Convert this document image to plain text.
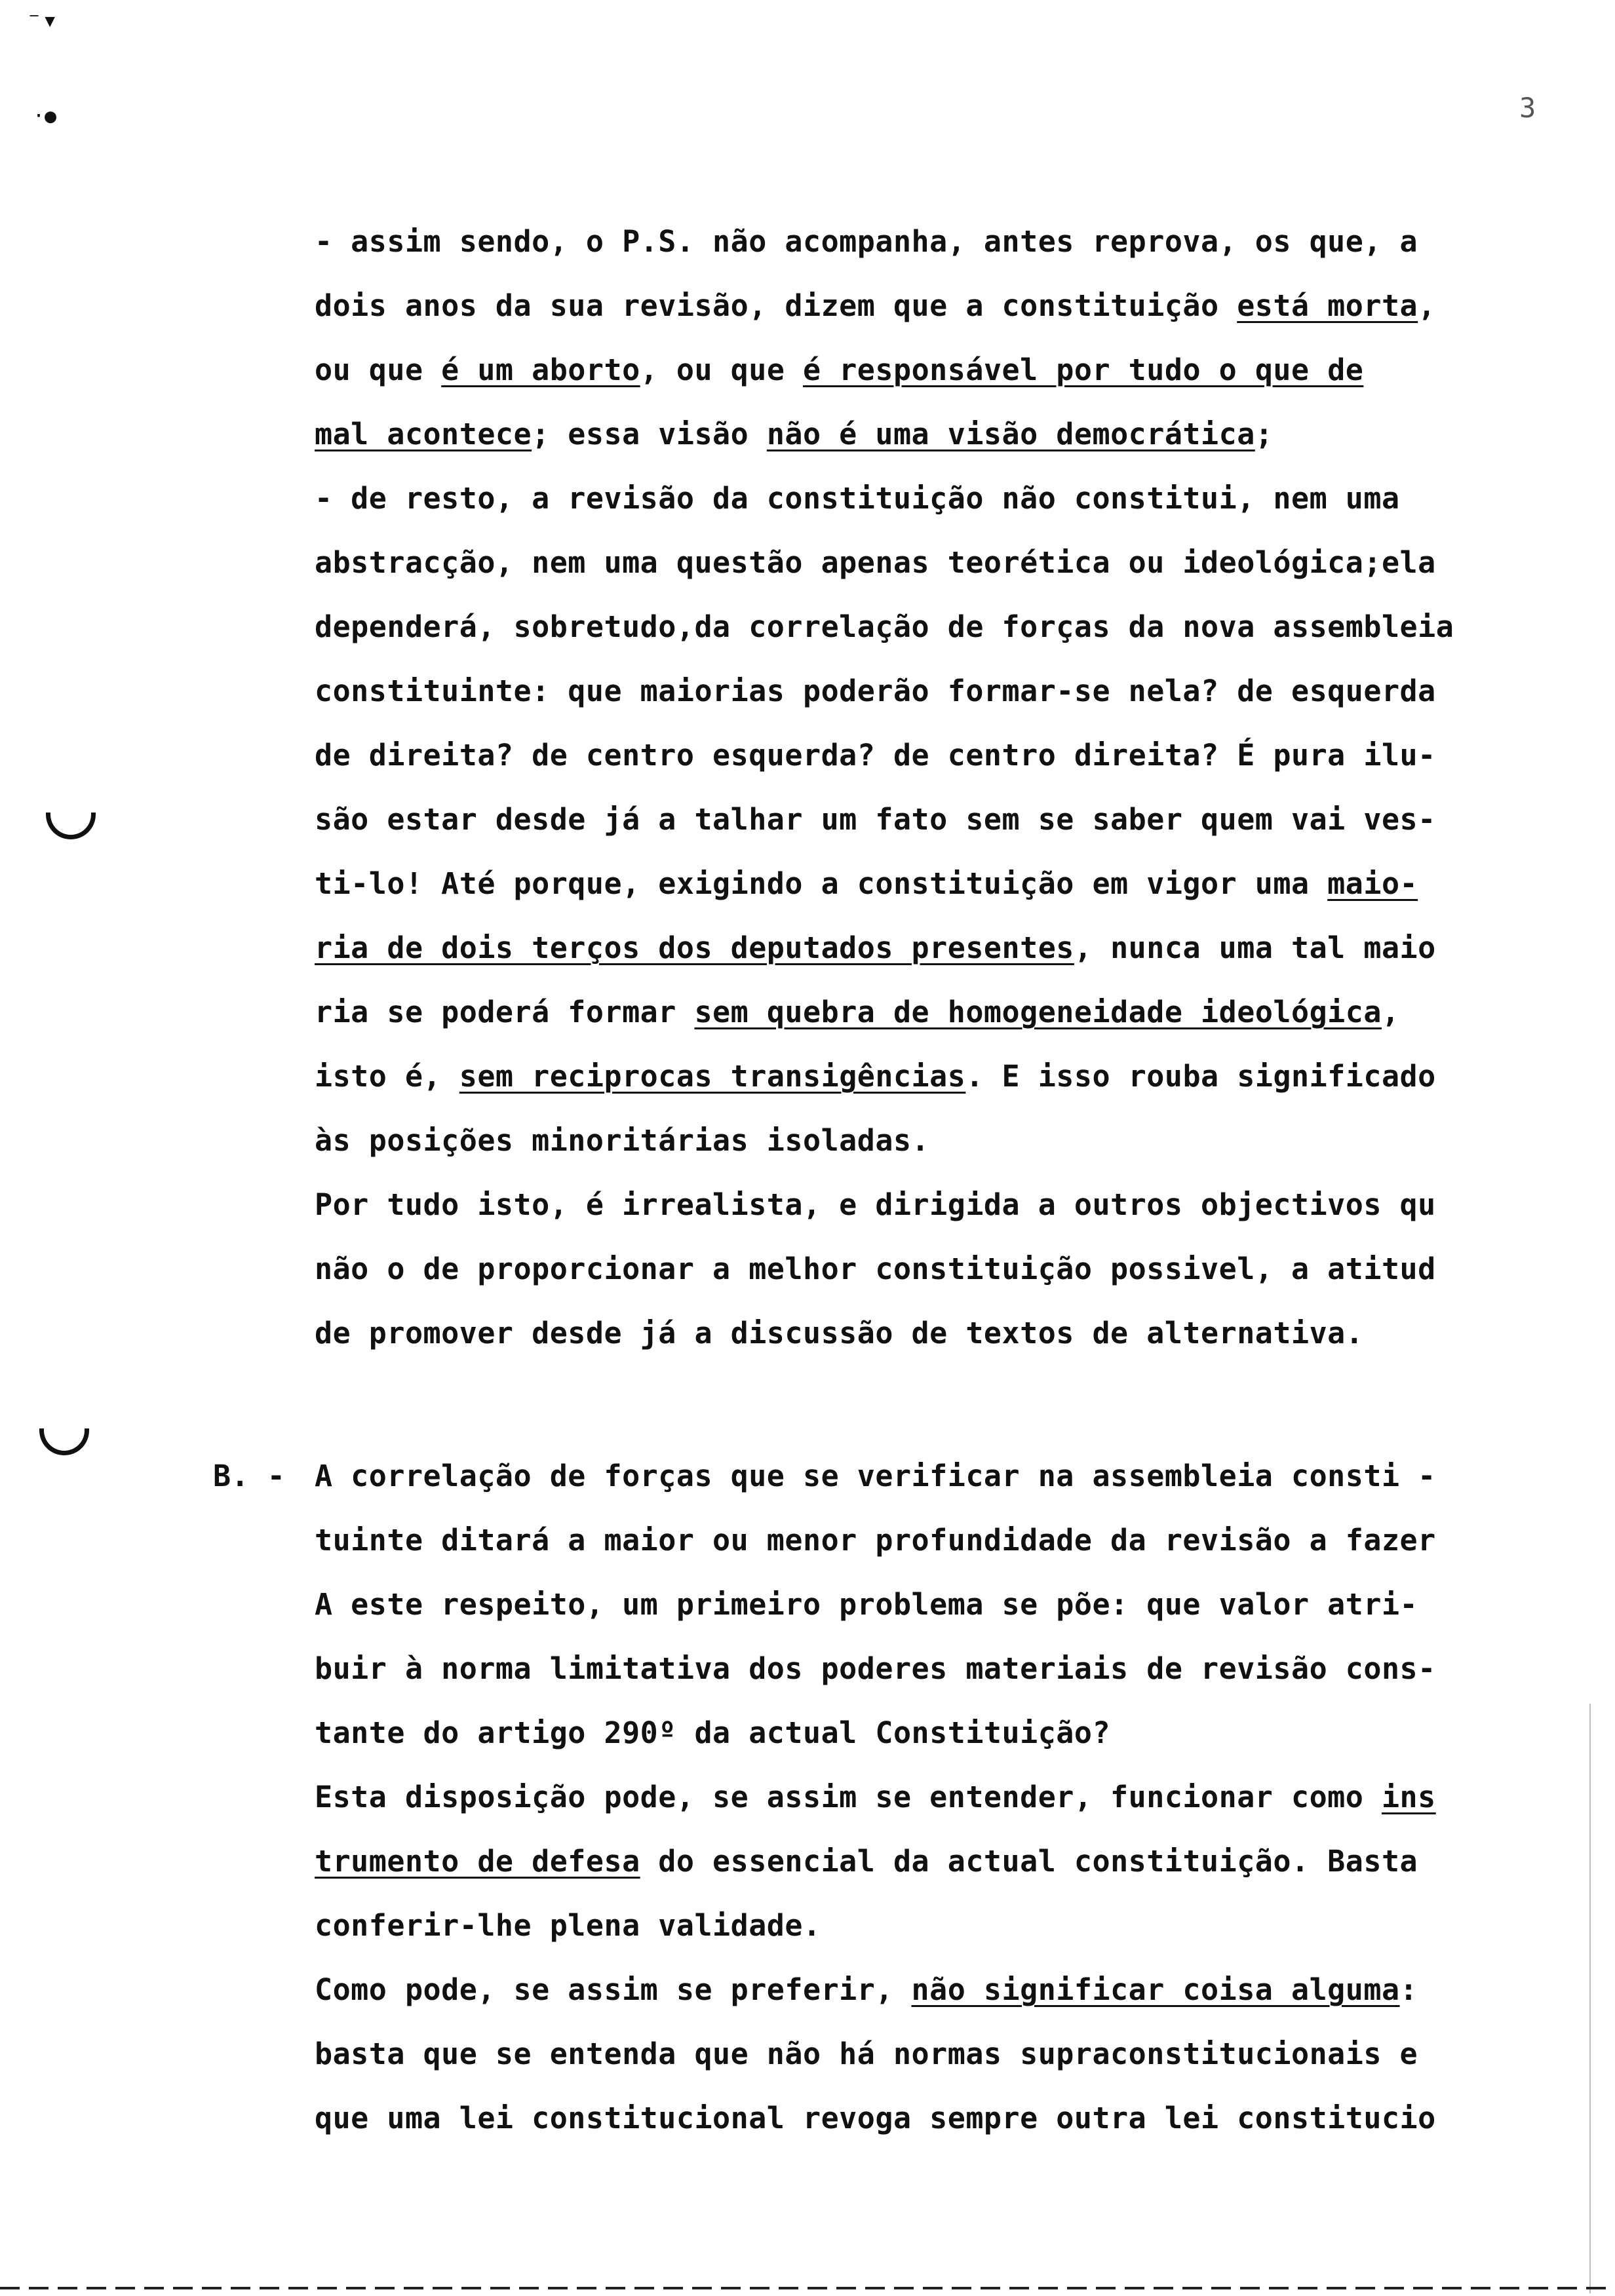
⁻▾
·●	3
- assim sendo, o P.S. não acompanha, antes reprova, os que, a
dois anos da sua revisão, dizem que a constituição está morta,
ou que é um aborto, ou que é responsável por tudo o que de
mal acontece; essa visão não é uma visão democrática;
- de resto, a revisão da constituição não constitui, nem uma
abstracção, nem uma questão apenas teorética ou ideológica;ela
dependerá, sobretudo,da correlação de forças da nova assembleia
constituinte: que maiorias poderão formar-se nela? de esquerda
de direita? de centro esquerda? de centro direita? É pura ilu-
são estar desde já a talhar um fato sem se saber quem vai ves-
ti-lo! Até porque, exigindo a constituição em vigor uma maio-
ria de dois terços dos deputados presentes, nunca uma tal maio
ria se poderá formar sem quebra de homogeneidade ideológica,
isto é, sem reciprocas transigências. E isso rouba significado
às posições minoritárias isoladas.
Por tudo isto, é irrealista, e dirigida a outros objectivos qu
não o de proporcionar a melhor constituição possivel, a atitud
de promover desde já a discussão de textos de alternativa.
B. - A correlação de forças que se verificar na assembleia consti -
tuinte ditará a maior ou menor profundidade da revisão a fazer
A este respeito, um primeiro problema se põe: que valor atri-
buir à norma limitativa dos poderes materiais de revisão cons-
tante do artigo 290º da actual Constituição?
Esta disposição pode, se assim se entender, funcionar como ins
trumento de defesa do essencial da actual constituição. Basta
conferir-lhe plena validade.
Como pode, se assim se preferir, não significar coisa alguma:
basta que se entenda que não há normas supraconstitucionais e
que uma lei constitucional revoga sempre outra lei constitucio
